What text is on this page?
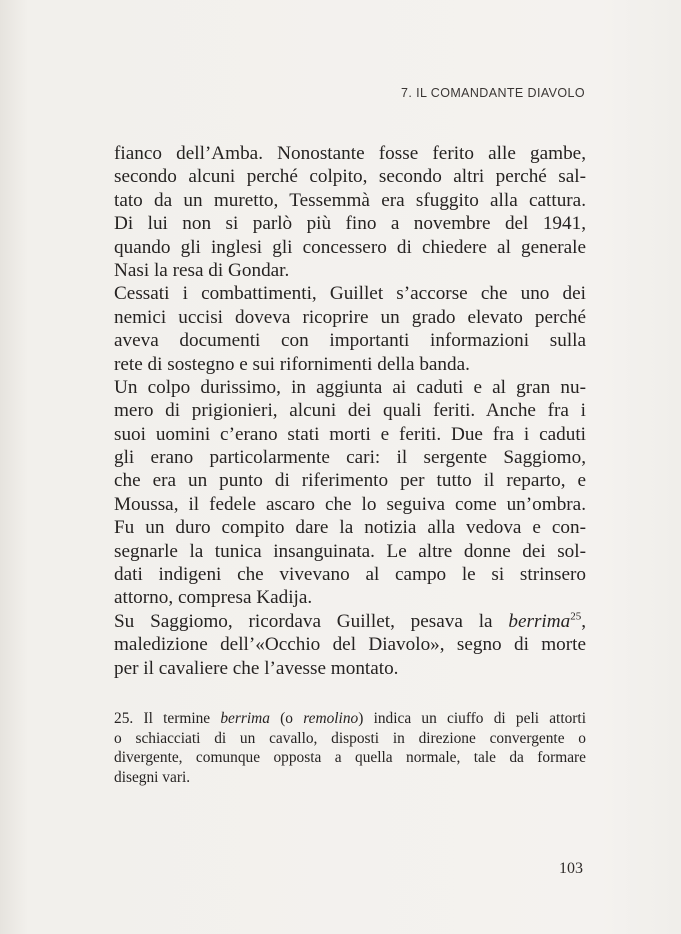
7. IL COMANDANTE DIAVOLO
fianco dell’Amba. Nonostante fosse ferito alle gambe,
secondo alcuni perché colpito, secondo altri perché sal-
tato da un muretto, Tessemmà era sfuggito alla cattura.
Di lui non si parlò più fino a novembre del 1941,
quando gli inglesi gli concessero di chiedere al generale
Nasi la resa di Gondar.
Cessati i combattimenti, Guillet s’accorse che uno dei
nemici uccisi doveva ricoprire un grado elevato perché
aveva documenti con importanti informazioni sulla
rete di sostegno e sui rifornimenti della banda.
Un colpo durissimo, in aggiunta ai caduti e al gran nu-
mero di prigionieri, alcuni dei quali feriti. Anche fra i
suoi uomini c’erano stati morti e feriti. Due fra i caduti
gli erano particolarmente cari: il sergente Saggiomo,
che era un punto di riferimento per tutto il reparto, e
Moussa, il fedele ascaro che lo seguiva come un’ombra.
Fu un duro compito dare la notizia alla vedova e con-
segnarle la tunica insanguinata. Le altre donne dei sol-
dati indigeni che vivevano al campo le si strinsero
attorno, compresa Kadija.
Su Saggiomo, ricordava Guillet, pesava la berrima$^{25}$,
maledizione dell’«Occhio del Diavolo», segno di morte
per il cavaliere che l’avesse montato.
25. Il termine berrima (o remolino) indica un ciuffo di peli attorti
o schiacciati di un cavallo, disposti in direzione convergente o
divergente, comunque opposta a quella normale, tale da formare
disegni vari.
103
